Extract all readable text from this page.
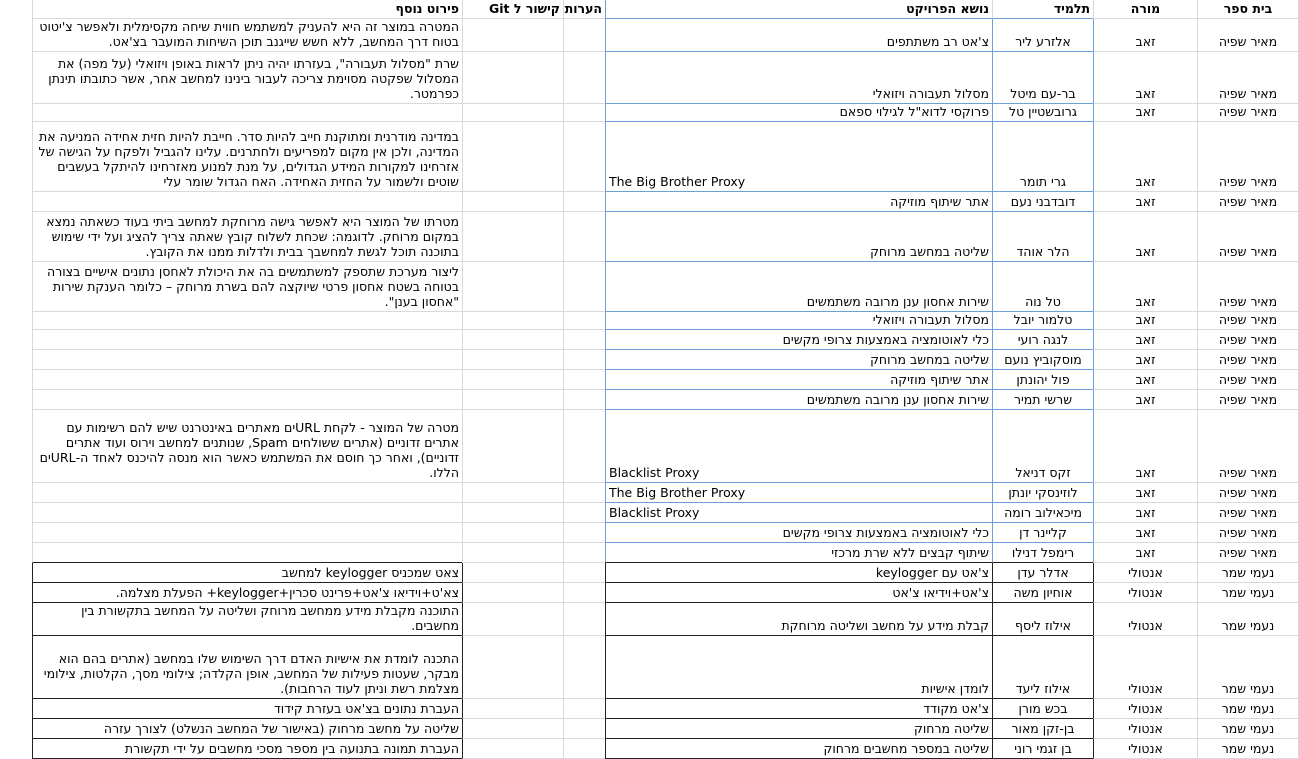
בית ספר	מורה	תלמיד	נושא הפרויקט	הערות	קישור ל Git	פירוט נוסף	
מאיר שפיה	זאב	אלזרע ליר	צ'אט רב משתתפים			המטרה במוצר זה היא להעניק למשתמש חווית שיחה מקסימלית ולאפשר צ'יטוט בטוח דרך המחשב, ללא חשש שייגנב תוכן השיחות המועבר בצ'אט.	
מאיר שפיה	זאב	בר-עם מיטל	מסלול תעבורה ויזואלי			שרת "מסלול תעבורה", בעזרתו יהיה ניתן לראות באופן ויזואלי (על מפה) את המסלול שפקטה מסוימת צריכה לעבור בינינו למחשב אחר, אשר כתובתו תינתן כפרמטר.	
מאיר שפיה	זאב	גרובשטיין טל	פרוקסי לדוא"ל לגילוי ספאם				
מאיר שפיה	זאב	גרי תומר	The Big Brother Proxy			במדינה מודרנית ומתוקנת חייב להיות סדר. חייבת להיות חזית אחידה המניעה את המדינה, ולכן אין מקום למפריעים ולחתרנים. עלינו להגביל ולפקח על הגישה של אזרחינו למקורות המידע הגדולים, על מנת למנוע מאזרחינו להיתקל בעשבים שוטים ולשמור על החזית האחידה. האח הגדול שומר עלי	
מאיר שפיה	זאב	דובדבני נעם	אתר שיתוף מוזיקה				
מאיר שפיה	זאב	הלר אוהד	שליטה במחשב מרוחק			מטרתו של המוצר היא לאפשר גישה מרוחקת למחשב ביתי בעוד כשאתה נמצא במקום מרוחק. לדוגמה: שכחת לשלוח קובץ שאתה צריך להציג ועל ידי שימוש בתוכנה תוכל לגשת למחשבך בבית ולדלות ממנו את הקובץ.	
מאיר שפיה	זאב	טל נוה	שירות אחסון ענן מרובה משתמשים			ליצור מערכת שתספק למשתמשים בה את היכולת לאחסן נתונים אישיים בצורה בטוחה בשטח אחסון פרטי שיוקצה להם בשרת מרוחק – כלומר הענקת שירות "אחסון בענן".	
מאיר שפיה	זאב	טלמור יובל	מסלול תעבורה ויזואלי				
מאיר שפיה	זאב	לנגה רועי	כלי לאוטומציה באמצעות צרופי מקשים				
מאיר שפיה	זאב	מוסקוביץ נועם	שליטה במחשב מרוחק				
מאיר שפיה	זאב	פול יהונתן	אתר שיתוף מוזיקה				
מאיר שפיה	זאב	שרשי תמיר	שירות אחסון ענן מרובה משתמשים				
מאיר שפיה	זאב	זקס דניאל	Blacklist Proxy			מטרה של המוצר - לקחת URLים מאתרים באינטרנט שיש להם רשימות עם אתרים זדוניים (אתרים ששולחים Spam, שנותנים למחשב וירוס ועוד אתרים זדוניים), ואחר כך חוסם את המשתמש כאשר הוא מנסה להיכנס לאחד ה-URLים הללו.	
מאיר שפיה	זאב	לוזינסקי יונתן	The Big Brother Proxy				
מאיר שפיה	זאב	מיכאילוב רומה	Blacklist Proxy				
מאיר שפיה	זאב	קליינר דן	כלי לאוטומציה באמצעות צרופי מקשים				
מאיר שפיה	זאב	רימפל דנילו	שיתוף קבצים ללא שרת מרכזי				
נעמי שמר	אנטולי	אדלר עדן	צ'אט עם keylogger			צאט שמכניס keylogger למחשב	
נעמי שמר	אנטולי	אוחיון משה	צ'אט+וידיאו צ'אט			צא'ט+וידיאו צ'אט+פרינט סכרין+keylogger+ הפעלת מצלמה.	
נעמי שמר	אנטולי	אילוז ליסף	קבלת מידע על מחשב ושליטה מרוחקת			התוכנה מקבלת מידע ממחשב מרוחק ושליטה על המחשב בתקשורת בין מחשבים.	
נעמי שמר	אנטולי	אילוז ליעד	לומדן אישיות			התכנה לומדת את אישיות האדם דרך השימוש שלו במחשב (אתרים בהם הוא מבקר, שעטות פעילות של המחשב, אופן הקלדה; צילומי מסך, הקלטות, צילומי מצלמת רשת וניתן לעוד הרחבות).	
נעמי שמר	אנטולי	בכש מורן	צ'אט מקודד			העברת נתונים בצ'אט בעזרת קידוד	
נעמי שמר	אנטולי	בן-זקן מאור	שליטה מרחוק			שליטה על מחשב מרחוק (באישור של המחשב הנשלט) לצורך עזרה	
נעמי שמר	אנטולי	בן זגמי רוני	שליטה במספר מחשבים מרחוק			העברת תמונה בתנועה בין מספר מסכי מחשבים על ידי תקשורת	
